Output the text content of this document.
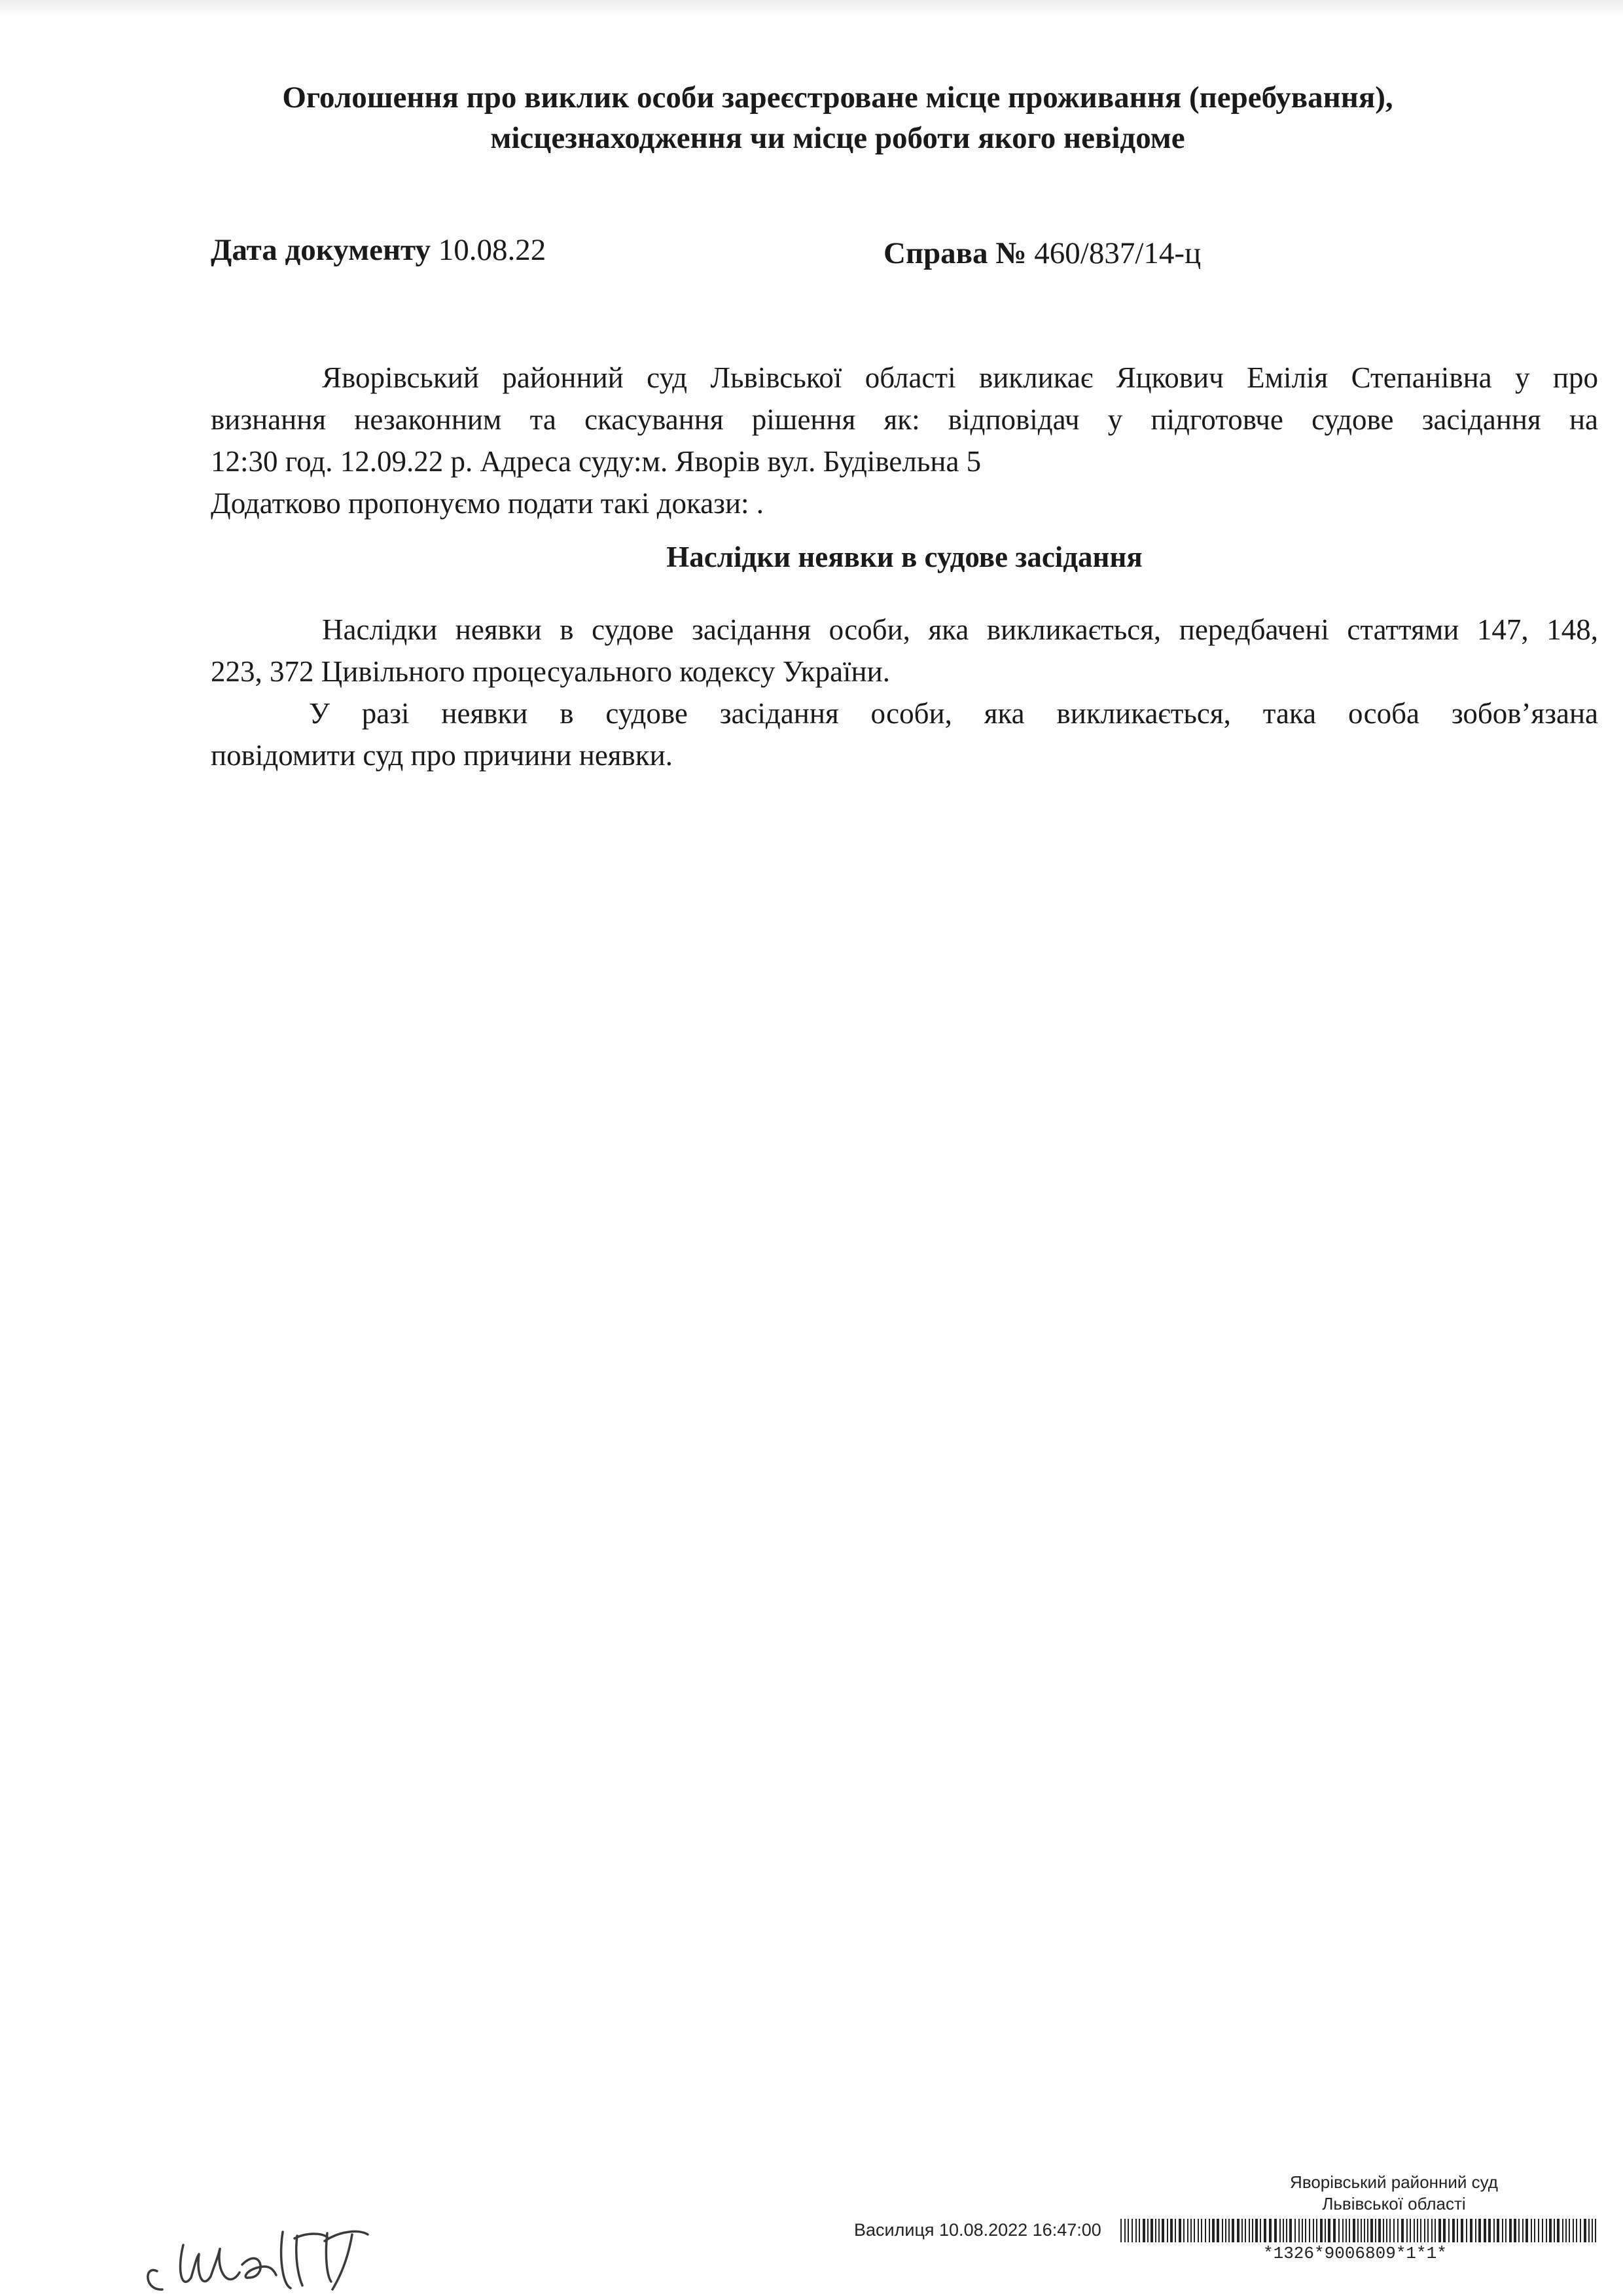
Оголошення про виклик особи зареєстроване місце проживання (перебування),
місцезнаходження чи місце роботи якого невідоме
Дата документу 10.08.22	Справа № 460/837/14-ц

Яворівський районний суд Львівської області викликає Яцкович Емілія Степанівна у про

визнання незаконним та скасування рішення як: відповідач у підготовче судове засідання на

12:30 год. 12.09.22 р. Адреса суду:м. Яворів вул. Будівельна 5

Додатково пропонуємо подати такі докази: .

Наслідки неявки в судове засідання

Наслідки неявки в судове засідання особи, яка викликається, передбачені статтями 147, 148,

223, 372 Цивільного процесуального кодексу України.

У разі неявки в судове засідання особи, яка викликається, така особа зобов’язана

повідомити суд про причини неявки.

Яворівський районний суд
Львівської області
Василиця 10.08.2022 16:47:00
*1326*9006809*1*1*
